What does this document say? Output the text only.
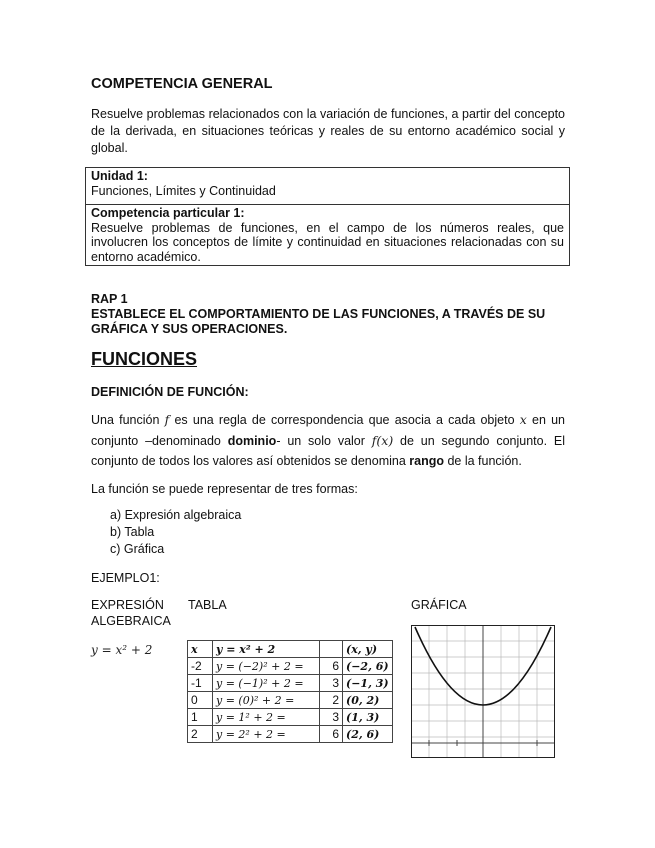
COMPETENCIA GENERAL
Resuelve problemas relacionados con la variación de funciones, a partir del concepto de la derivada, en situaciones teóricas y reales de su entorno académico social y global.
Unidad 1:
Funciones, Límites y Continuidad
Competencia particular 1:
Resuelve problemas de funciones, en el campo de los números reales, que involucren los conceptos de límite y continuidad en situaciones relacionadas con su entorno académico.
RAP 1
ESTABLECE EL COMPORTAMIENTO DE LAS FUNCIONES, A TRAVÉS DE SU GRÁFICA Y SUS OPERACIONES.
FUNCIONES
DEFINICIÓN DE FUNCIÓN:
Una función f es una regla de correspondencia que asocia a cada objeto x en un conjunto –denominado dominio- un solo valor f(x) de un segundo conjunto. El conjunto de todos los valores así obtenidos se denomina rango de la función.
La función se puede representar de tres formas:
a) Expresión algebraica
b) Tabla
c) Gráfica
EJEMPLO1:
EXPRESIÓN
ALGEBRAICA
TABLA	GRÁFICA
y = x² + 2	x	y = x² + 2		(x, y)
-2	y = (−2)² + 2 =	6	(−2, 6)
-1	y = (−1)² + 2 =	3	(−1, 3)
0	y = (0)² + 2 =	2	(0, 2)
1	y = 1² + 2 =	3	(1, 3)
2	y = 2² + 2 =	6	(2, 6)
